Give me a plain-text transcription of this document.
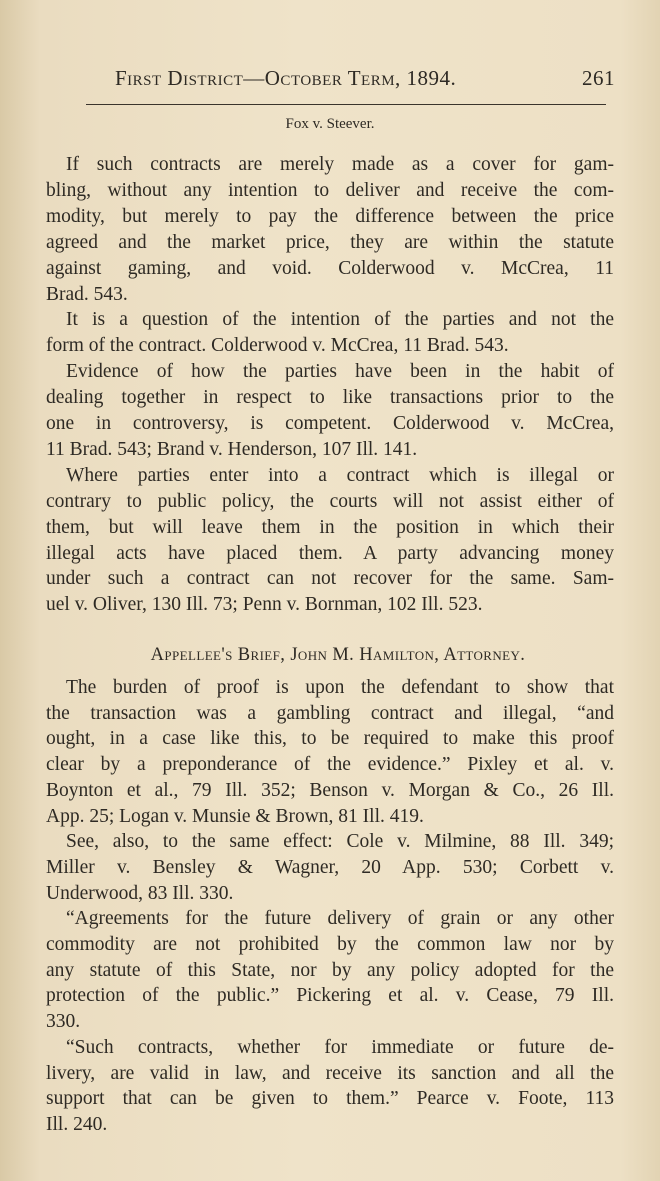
First District—October Term, 1894.	261
Fox v. Steever.
If such contracts are merely made as a cover for gam-
bling, without any intention to deliver and receive the com-
modity, but merely to pay the difference between the price
agreed and the market price, they are within the statute
against gaming, and void. Colderwood v. McCrea, 11
Brad. 543.
It is a question of the intention of the parties and not the
form of the contract. Colderwood v. McCrea, 11 Brad. 543.
Evidence of how the parties have been in the habit of
dealing together in respect to like transactions prior to the
one in controversy, is competent. Colderwood v. McCrea,
11 Brad. 543; Brand v. Henderson, 107 Ill. 141.
Where parties enter into a contract which is illegal or
contrary to public policy, the courts will not assist either of
them, but will leave them in the position in which their
illegal acts have placed them. A party advancing money
under such a contract can not recover for the same. Sam-
uel v. Oliver, 130 Ill. 73; Penn v. Bornman, 102 Ill. 523.
Appellee's Brief, John M. Hamilton, Attorney.
The burden of proof is upon the defendant to show that
the transaction was a gambling contract and illegal, “and
ought, in a case like this, to be required to make this proof
clear by a preponderance of the evidence.” Pixley et al. v.
Boynton et al., 79 Ill. 352; Benson v. Morgan & Co., 26 Ill.
App. 25; Logan v. Munsie & Brown, 81 Ill. 419.
See, also, to the same effect: Cole v. Milmine, 88 Ill. 349;
Miller v. Bensley & Wagner, 20 App. 530; Corbett v.
Underwood, 83 Ill. 330.
“Agreements for the future delivery of grain or any other
commodity are not prohibited by the common law nor by
any statute of this State, nor by any policy adopted for the
protection of the public.” Pickering et al. v. Cease, 79 Ill.
330.
“Such contracts, whether for immediate or future de-
livery, are valid in law, and receive its sanction and all the
support that can be given to them.” Pearce v. Foote, 113
Ill. 240.
